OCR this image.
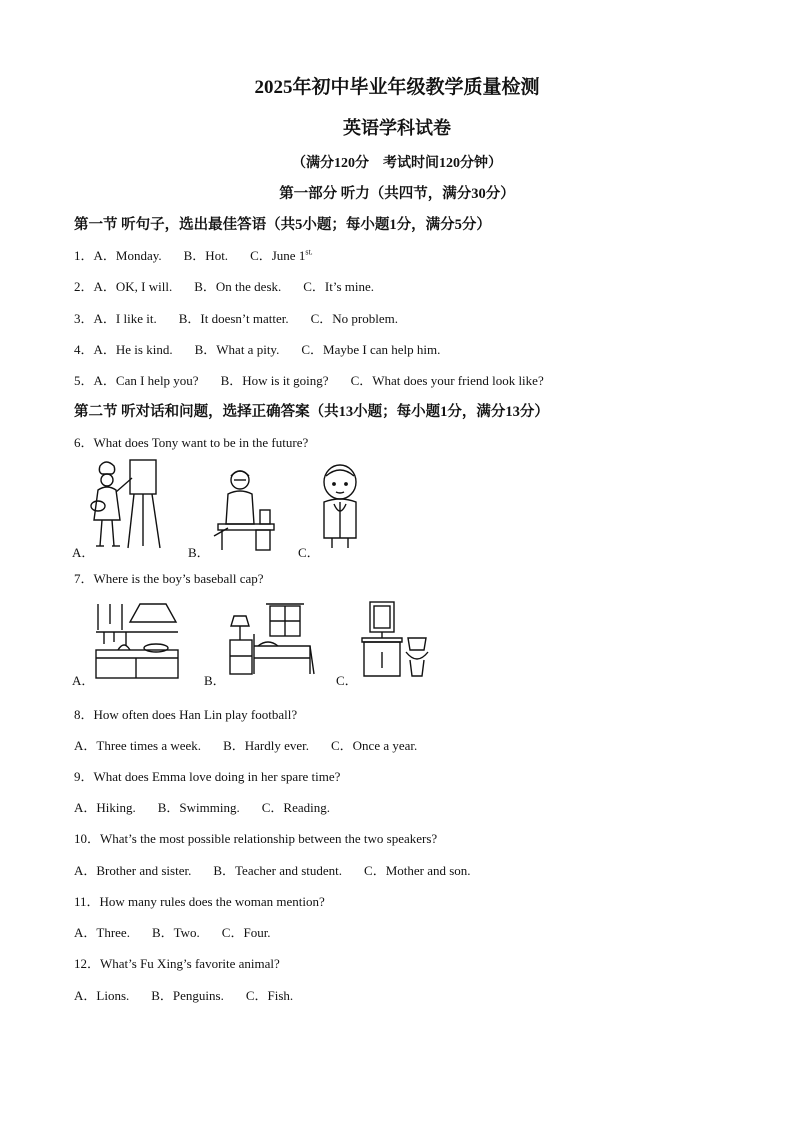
2025年初中毕业年级教学质量检测
英语学科试卷
（满分120分　考试时间120分钟）
第一部分 听力（共四节，满分30分）
第一节 听句子，选出最佳答语（共5小题；每小题1分，满分5分）
1．A．Monday. B．Hot. C．June $1^{st.}$
2．A．OK, I will. B．On the desk. C．It’s mine.
3．A．I like it. B．It doesn’t matter. C．No problem.
4．A．He is kind. B．What a pity. C．Maybe I can help him.
5．A．Can I help you? B．How is it going? C．What does your friend look like?
第二节 听对话和问题，选择正确答案（共13小题；每小题1分，满分13分）
6．What does Tony want to be in the future?
A．	B．	C．
7．Where is the boy’s baseball cap?
A．	B．	C．
8．How often does Han Lin play football?
A．Three times a week. B．Hardly ever. C．Once a year.
9．What does Emma love doing in her spare time?
A．Hiking. B．Swimming. C．Reading.
10．What’s the most possible relationship between the two speakers?
A．Brother and sister. B．Teacher and student. C．Mother and son.
11．How many rules does the woman mention?
A．Three. B．Two. C．Four.
12．What’s Fu Xing’s favorite animal?
A．Lions. B．Penguins. C．Fish.
